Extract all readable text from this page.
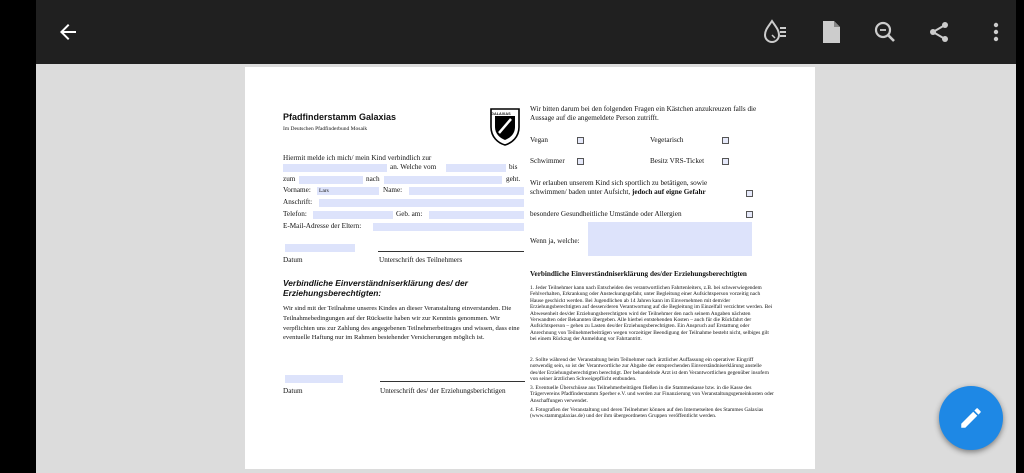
Pfadfinderstamm Galaxias
Im Deutschen Pfadfinderbund Mosaik
GALAXIAS
Hiermit melde ich mich/ mein Kind verbindlich zur
an. Welche vom	bis
zum	nach	geht.
Vorname:	Lars	Name:
Anschrift:
Telefon:	Geb. am:
E-Mail-Adresse der Eltern:
Datum	Unterschrift des Teilnehmers
Verbindliche Einverständniserklärung des/ der Erziehungsberechtigten:
Wir sind mit der Teilnahme unseres Kindes an dieser Veranstaltung einverstanden. Die Teilnahmebedingungen auf der Rückseite haben wir zur Kenntnis genommen. Wir verpflichten uns zur Zahlung des angegebenen Teilnehmerbeitrages und wissen, dass eine eventuelle Haftung nur im Rahmen bestehender Versicherungen möglich ist.
Datum	Unterschrift des/ der Erziehungsberichtigen
Wir bitten darum bei den folgenden Fragen ein Kästchen anzukreuzen falls die Aussage auf die angemeldete Person zutrifft.
Vegan	Vegetarisch
Schwimmer	Besitz VRS-Ticket
Wir erlauben unserem Kind sich sportlich zu betätigen, sowie schwimmen/ baden unter Aufsicht, jedoch auf eigne Gefahr
besondere Gesundheitliche Umstände oder Allergien
Wenn ja, welche:
Verbindliche Einverständniserklärung des/der Erziehungsberechtigten
1. Jeder Teilnehmer kann nach Entscheiden des verantwortlichen Fahrtenleiters, z.B. bei schwerwiegendem Fehlverhalten, Erkrankung oder Ansteckungsgefahr, unter Begleitung einer Aufsichtsperson vorzeitig nach Hause geschickt werden. Bei Jugendlichen ab 14 Jahren kann im Einvernehmen mit dem/der Erziehungsberechtigten auf dessen/deren Verantwortung auf die Begleitung im Einzelfall verzichtet werden. Bei Abwesenheit des/der Erziehungsberechtigten wird der Teilnehmer den nach seinem Angaben nächsten Verwandten oder Bekannten übergeben. Alle hierbei entstehenden Kosten – auch für die Rückfahrt der Aufsichtsperson – gehen zu Lasten des/der Erziehungsberechtigten. Ein Anspruch auf Erstattung oder Anrechnung von Teilnehmerbeiträgen wegen vorzeitiger Beendigung der Teilnahme besteht nicht, selbiges gilt bei einem Rückzug der Anmeldung vor Fahrtantritt.
2. Sollte während der Veranstaltung beim Teilnehmer nach ärztlicher Auffassung ein operativer Eingriff notwendig sein, so ist der Verantwortliche zur Abgabe der entsprechenden Einverständniserklärung anstelle des/der Erziehungsberechtigten berechtigt. Der behandelnde Arzt ist dem Verantwortlichen gegenüber insofern von seiner ärztlichen Schweigepflicht entbunden.
3. Eventuelle Überschüsse aus Teilnehmerbeiträgen fließen in die Stammeskasse bzw. in die Kasse des Trägervereins Pfadfinderstamm Sperber e.V. und werden zur Finanzierung von Veranstaltungsgemeinkosten oder Anschaffungen verwendet.
4. Fotografien der Veranstaltung und deren Teilnehmer können auf den Internetseiten des Stammes Galaxias (www.stammgalaxias.de) und der ihm übergeordneten Gruppen veröffentlicht werden.
